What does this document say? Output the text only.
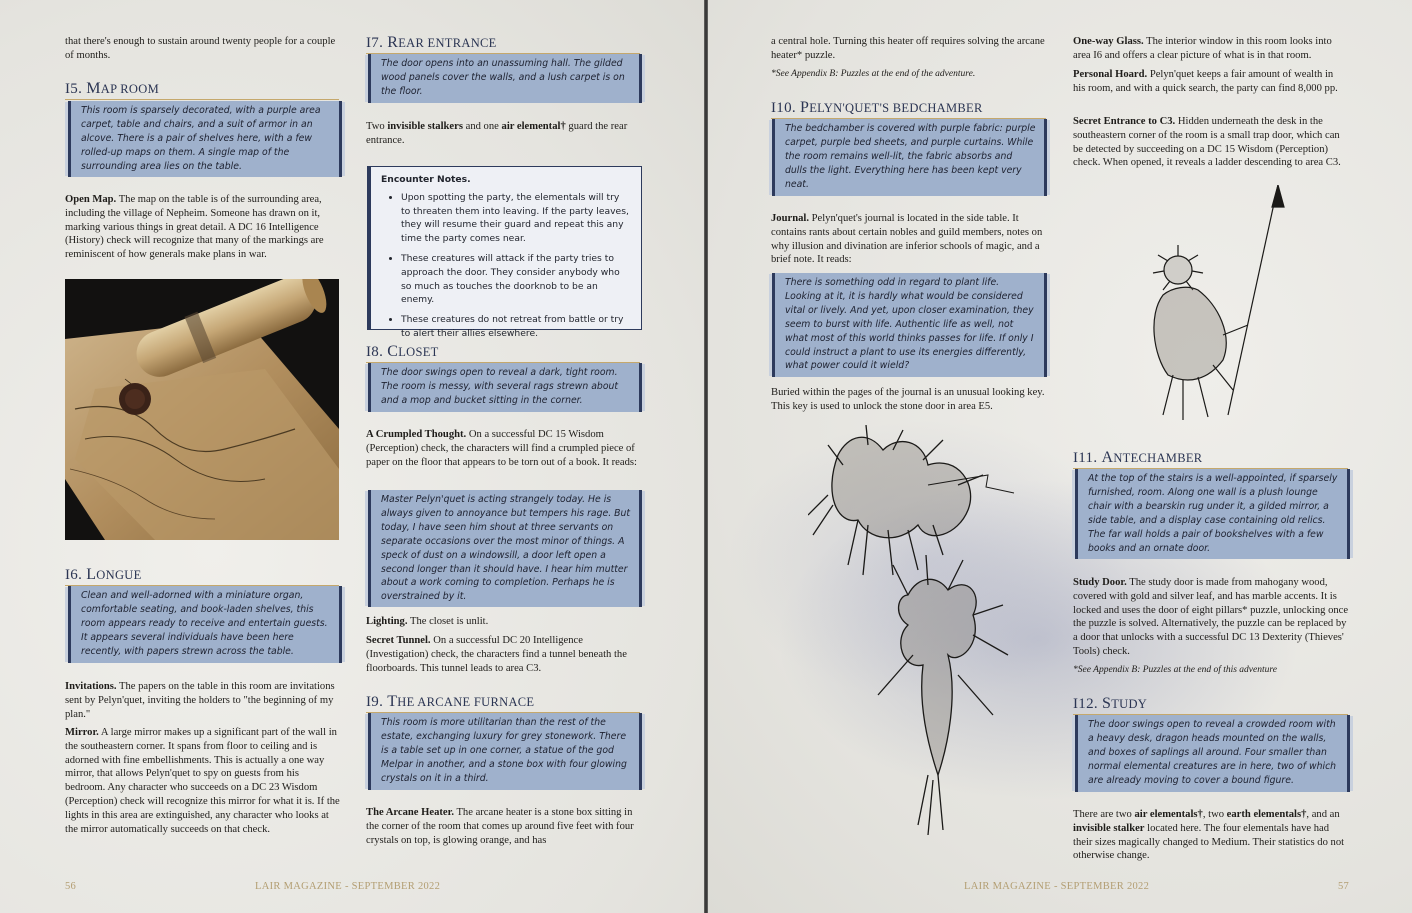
that there's enough to sustain around twenty people for a couple of months.

I5. MAP ROOM
This room is sparsely decorated, with a purple area carpet, table and chairs, and a suit of armor in an alcove. There is a pair of shelves here, with a few rolled-up maps on them. A single map of the surrounding area lies on the table.

Open Map. The map on the table is of the surrounding area, including the village of Nepheim. Someone has drawn on it, marking various things in great detail. A DC 16 Intelligence (History) check will recognize that many of the markings are reminiscent of how generals make plans in war.

I6. LONGUE
Clean and well-adorned with a miniature organ, comfortable seating, and book-laden shelves, this room appears ready to receive and entertain guests. It appears several individuals have been here recently, with papers strewn across the table.

Invitations. The papers on the table in this room are invitations sent by Pelyn'quet, inviting the holders to "the beginning of my plan."

Mirror. A large mirror makes up a significant part of the wall in the southeastern corner. It spans from floor to ceiling and is adorned with fine embellishments. This is actually a one way mirror, that allows Pelyn'quet to spy on guests from his bedroom. Any character who succeeds on a DC 23 Wisdom (Perception) check will recognize this mirror for what it is. If the lights in this area are extinguished, any character who looks at the mirror automatically succeeds on that check.

I7. REAR ENTRANCE
The door opens into an unassuming hall. The gilded wood panels cover the walls, and a lush carpet is on the floor.

Two invisible stalkers and one air elemental† guard the rear entrance.

Encounter Notes.
• Upon spotting the party, the elementals will try to threaten them into leaving. If the party leaves, they will resume their guard and repeat this any time the party comes near.
• These creatures will attack if the party tries to approach the door. They consider anybody who so much as touches the doorknob to be an enemy.
• These creatures do not retreat from battle or try to alert their allies elsewhere.
I8. CLOSET
The door swings open to reveal a dark, tight room. The room is messy, with several rags strewn about and a mop and bucket sitting in the corner.

A Crumpled Thought. On a successful DC 15 Wisdom (Perception) check, the characters will find a crumpled piece of paper on the floor that appears to be torn out of a book. It reads:

Master Pelyn'quet is acting strangely today. He is always given to annoyance but tempers his rage. But today, I have seen him shout at three servants on separate occasions over the most minor of things. A speck of dust on a windowsill, a door left open a second longer than it should have. I hear him mutter about a work coming to completion. Perhaps he is overstrained by it.

Lighting. The closet is unlit.

Secret Tunnel. On a successful DC 20 Intelligence (Investigation) check, the characters find a tunnel beneath the floorboards. This tunnel leads to area C3.

I9. THE ARCANE FURNACE
This room is more utilitarian than the rest of the estate, exchanging luxury for grey stonework. There is a table set up in one corner, a statue of the god Melpar in another, and a stone box with four glowing crystals on it in a third.

The Arcane Heater. The arcane heater is a stone box sitting in the corner of the room that comes up around five feet with four crystals on top, is glowing orange, and has

56	LAIR MAGAZINE - SEPTEMBER 2022

a central hole. Turning this heater off requires solving the arcane heater* puzzle.

*See Appendix B: Puzzles at the end of the adventure.

I10. PELYN'QUET'S BEDCHAMBER
The bedchamber is covered with purple fabric: purple carpet, purple bed sheets, and purple curtains. While the room remains well-lit, the fabric absorbs and dulls the light. Everything here has been kept very neat.

Journal. Pelyn'quet's journal is located in the side table. It contains rants about certain nobles and guild members, notes on why illusion and divination are inferior schools of magic, and a brief note. It reads:

There is something odd in regard to plant life. Looking at it, it is hardly what would be considered vital or lively. And yet, upon closer examination, they seem to burst with life. Authentic life as well, not what most of this world thinks passes for life. If only I could instruct a plant to use its energies differently, what power could it wield?

Buried within the pages of the journal is an unusual looking key. This key is used to unlock the stone door in area E5.

One-way Glass. The interior window in this room looks into area I6 and offers a clear picture of what is in that room.

Personal Hoard. Pelyn'quet keeps a fair amount of wealth in his room, and with a quick search, the party can find 8,000 pp.

Secret Entrance to C3. Hidden underneath the desk in the southeastern corner of the room is a small trap door, which can be detected by succeeding on a DC 15 Wisdom (Perception) check. When opened, it reveals a ladder descending to area C3.

I11. ANTECHAMBER
At the top of the stairs is a well-appointed, if sparsely furnished, room. Along one wall is a plush lounge chair with a bearskin rug under it, a gilded mirror, a side table, and a display case containing old relics. The far wall holds a pair of bookshelves with a few books and an ornate door.

Study Door. The study door is made from mahogany wood, covered with gold and silver leaf, and has marble accents. It is locked and uses the door of eight pillars* puzzle, unlocking once the puzzle is solved. Alternatively, the puzzle can be replaced by a door that unlocks with a successful DC 13 Dexterity (Thieves' Tools) check.

*See Appendix B: Puzzles at the end of this adventure

I12. STUDY
The door swings open to reveal a crowded room with a heavy desk, dragon heads mounted on the walls, and boxes of saplings all around. Four smaller than normal elemental creatures are in here, two of which are already moving to cover a bound figure.

There are two air elementals†, two earth elementals†, and an invisible stalker located here. The four elementals have had their sizes magically changed to Medium. Their statistics do not otherwise change.

LAIR MAGAZINE - SEPTEMBER 2022	57
